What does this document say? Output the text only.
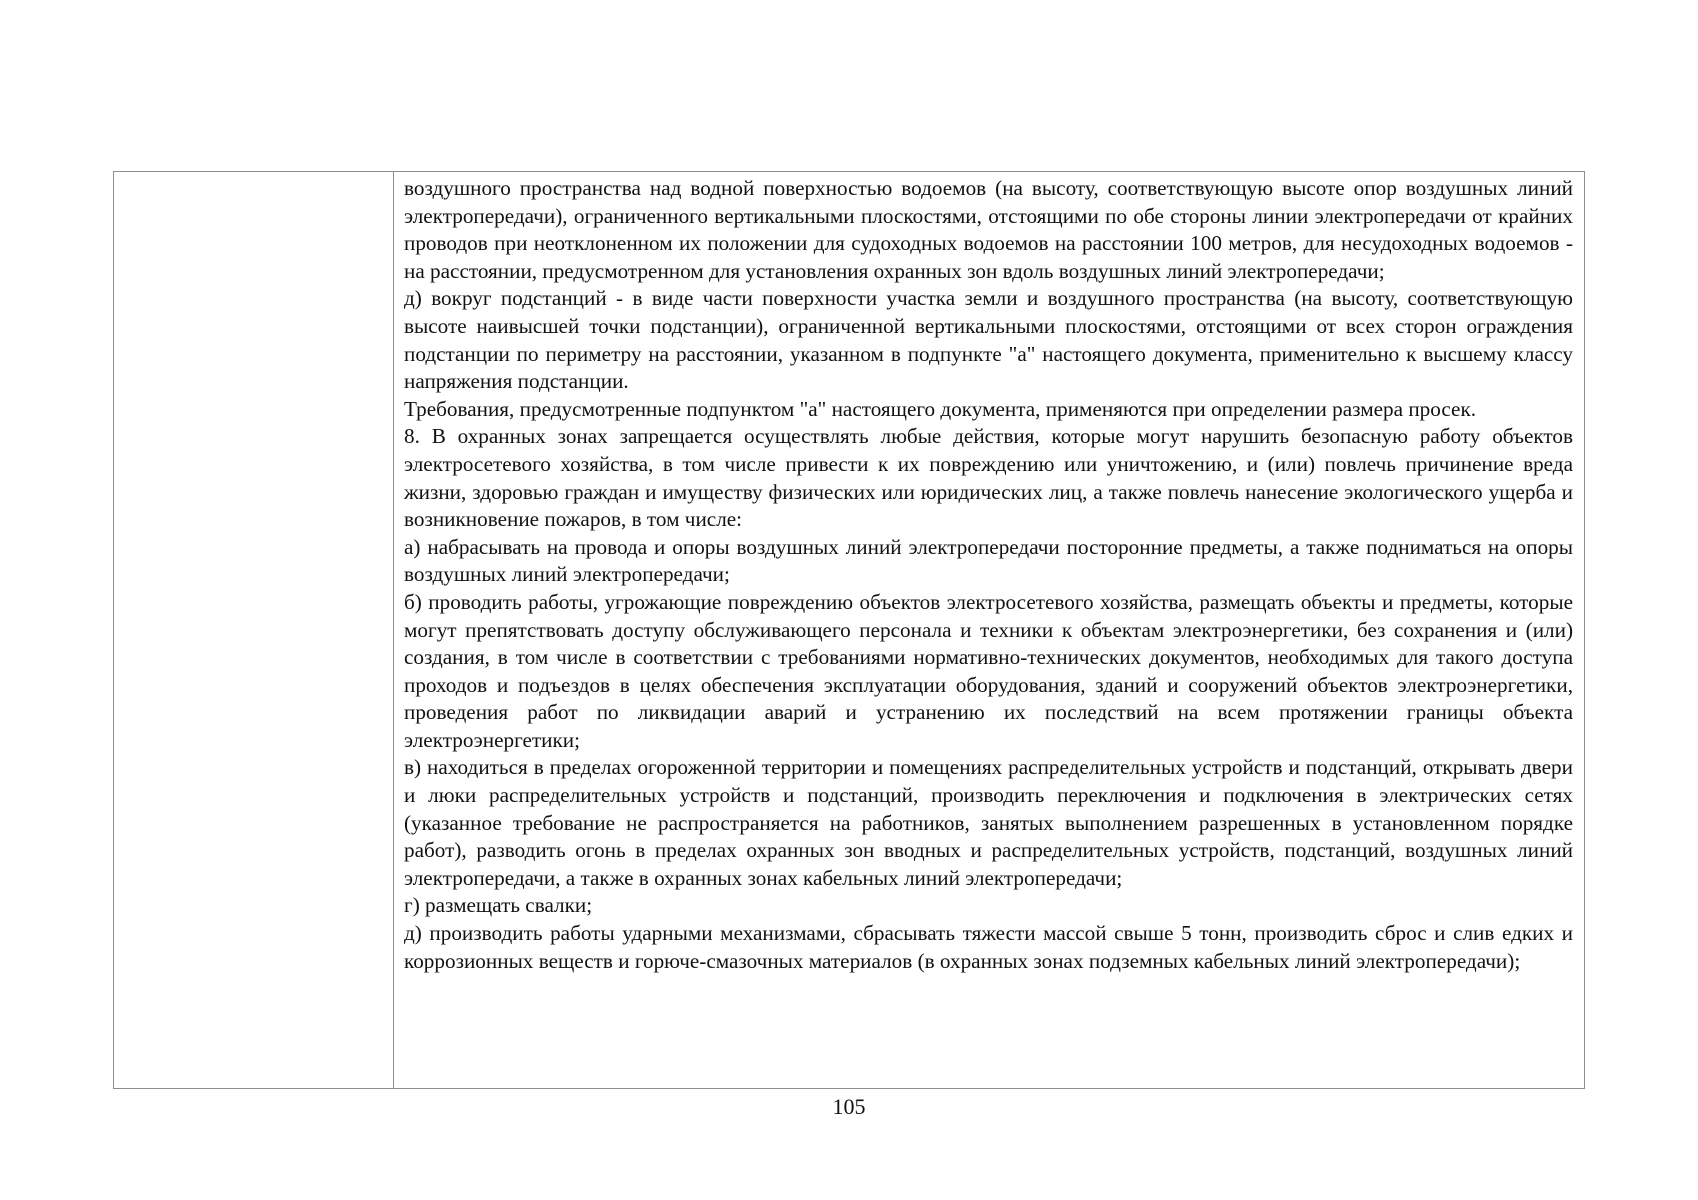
воздушного пространства над водной поверхностью водоемов (на высоту, соответствующую высоте опор воздушных линий электропередачи), ограниченного вертикальными плоскостями, отстоящими по обе стороны линии электропередачи от крайних проводов при неотклоненном их положении для судоходных водоемов на расстоянии 100 метров, для несудоходных водоемов - на расстоянии, предусмотренном для установления охранных зон вдоль воздушных линий электропередачи;

д) вокруг подстанций - в виде части поверхности участка земли и воздушного пространства (на высоту, соответствующую высоте наивысшей точки подстанции), ограниченной вертикальными плоскостями, отстоящими от всех сторон ограждения подстанции по периметру на расстоянии, указанном в подпункте "а" настоящего документа, применительно к высшему классу напряжения подстанции.

Требования, предусмотренные подпунктом "а" настоящего документа, применяются при определении размера просек.

8. В охранных зонах запрещается осуществлять любые действия, которые могут нарушить безопасную работу объектов электросетевого хозяйства, в том числе привести к их повреждению или уничтожению, и (или) повлечь причинение вреда жизни, здоровью граждан и имуществу физических или юридических лиц, а также повлечь нанесение экологического ущерба и возникновение пожаров, в том числе:

а) набрасывать на провода и опоры воздушных линий электропередачи посторонние предметы, а также подниматься на опоры воздушных линий электропередачи;

б) проводить работы, угрожающие повреждению объектов электросетевого хозяйства, размещать объекты и предметы, которые могут препятствовать доступу обслуживающего персонала и техники к объектам электроэнергетики, без сохранения и (или) создания, в том числе в соответствии с требованиями нормативно-технических документов, необходимых для такого доступа проходов и подъездов в целях обеспечения эксплуатации оборудования, зданий и сооружений объектов электроэнергетики, проведения работ по ликвидации аварий и устранению их последствий на всем протяжении границы объекта электроэнергетики;

в) находиться в пределах огороженной территории и помещениях распределительных устройств и подстанций, открывать двери и люки распределительных устройств и подстанций, производить переключения и подключения в электрических сетях (указанное требование не распространяется на работников, занятых выполнением разрешенных в установленном порядке работ), разводить огонь в пределах охранных зон вводных и распределительных устройств, подстанций, воздушных линий электропередачи, а также в охранных зонах кабельных линий электропередачи;

г) размещать свалки;

д) производить работы ударными механизмами, сбрасывать тяжести массой свыше 5 тонн, производить сброс и слив едких и коррозионных веществ и горюче-смазочных материалов (в охранных зонах подземных кабельных линий электропередачи);

105
